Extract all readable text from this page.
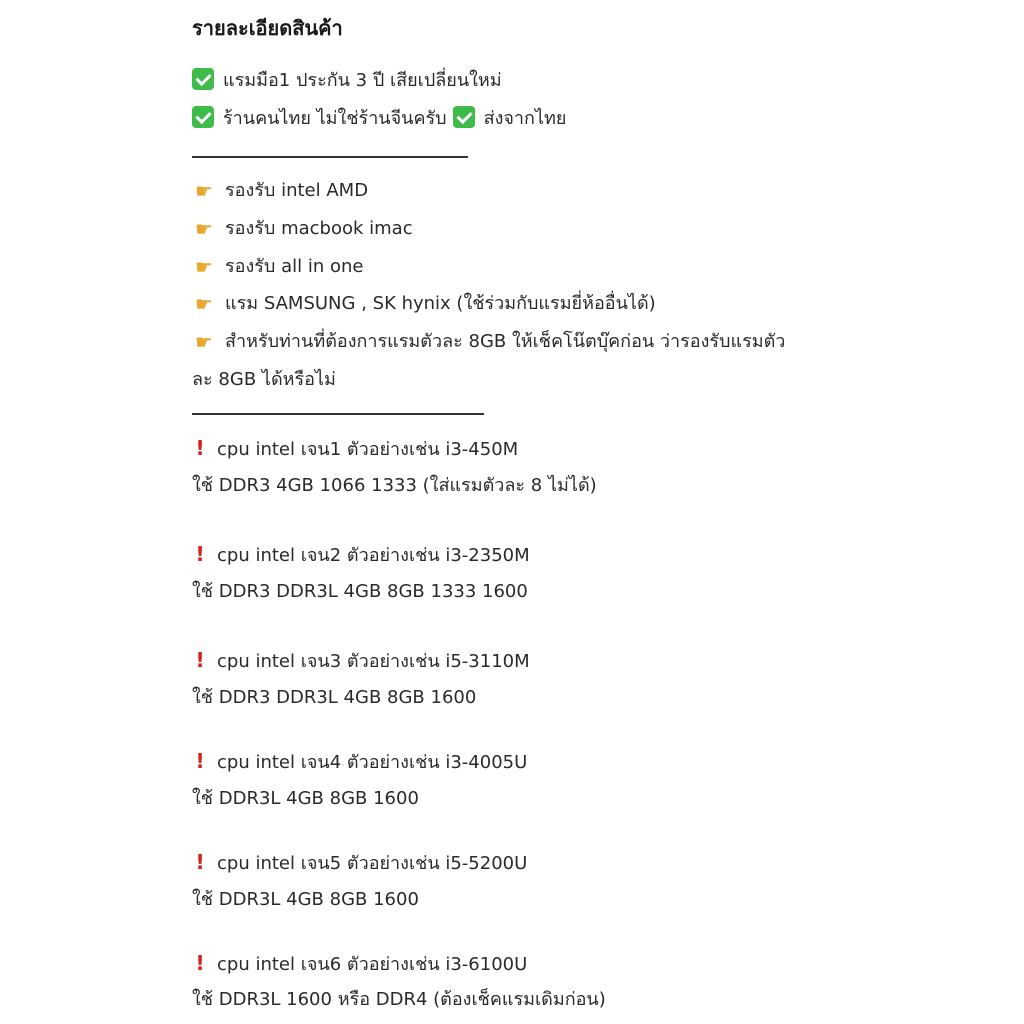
รายละเอียดสินค้า
แรมมือ1 ประกัน 3 ปี เสียเปลี่ยนใหม่
ร้านคนไทย ไม่ใช่ร้านจีนครับ ส่งจากไทย
☛ รองรับ intel AMD
☛ รองรับ macbook imac
☛ รองรับ all in one
☛ แรม SAMSUNG , SK hynix (ใช้ร่วมกับแรมยี่ห้ออื่นได้)
☛ สำหรับท่านที่ต้องการแรมตัวละ 8GB ให้เช็คโน๊ตบุ๊คก่อน ว่ารองรับแรมตัว
ละ 8GB ได้หรือไม่
! cpu intel เจน1 ตัวอย่างเช่น i3-450M
ใช้ DDR3 4GB 1066 1333 (ใส่แรมตัวละ 8 ไม่ได้)
! cpu intel เจน2 ตัวอย่างเช่น i3-2350M
ใช้ DDR3 DDR3L 4GB 8GB 1333 1600
! cpu intel เจน3 ตัวอย่างเช่น i5-3110M
ใช้ DDR3 DDR3L 4GB 8GB 1600
! cpu intel เจน4 ตัวอย่างเช่น i3-4005U
ใช้ DDR3L 4GB 8GB 1600
! cpu intel เจน5 ตัวอย่างเช่น i5-5200U
ใช้ DDR3L 4GB 8GB 1600
! cpu intel เจน6 ตัวอย่างเช่น i3-6100U
ใช้ DDR3L 1600 หรือ DDR4 (ต้องเช็คแรมเดิมก่อน)
